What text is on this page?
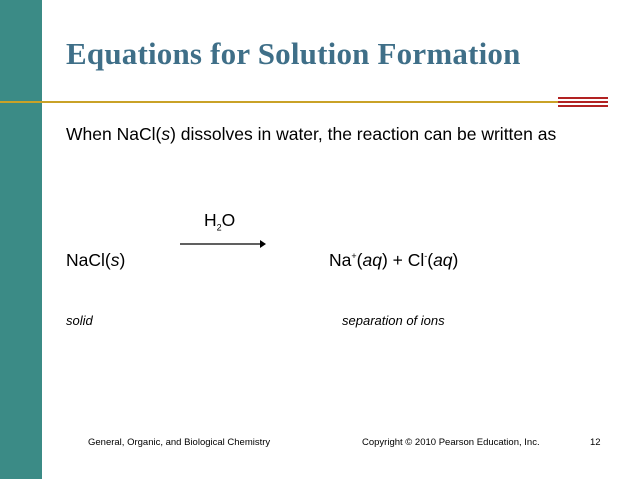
Equations for Solution Formation
When NaCl(s) dissolves in water, the reaction can be written as
$H_2O$
NaCl(s)	Na+(aq) + Cl-(aq)
solid	separation of ions
General, Organic, and Biological Chemistry	Copyright © 2010 Pearson Education, Inc.	12
